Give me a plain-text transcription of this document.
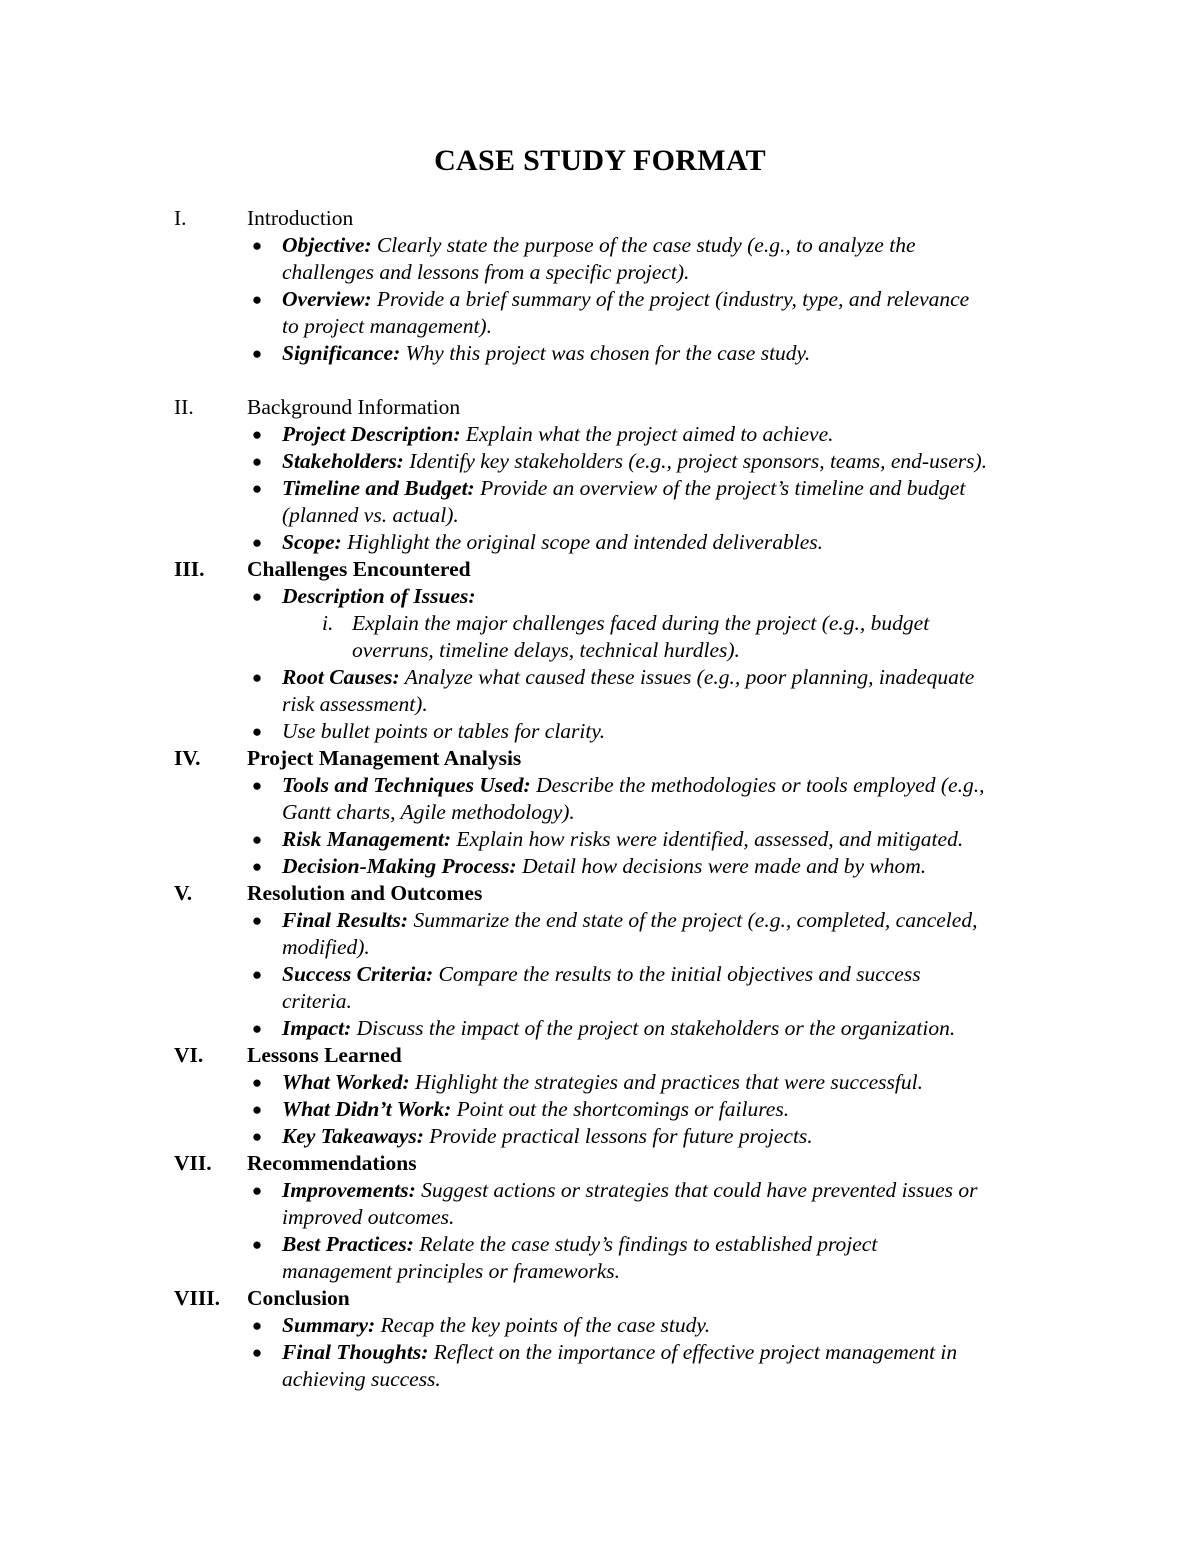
CASE STUDY FORMAT
I.	Introduction
● Objective: Clearly state the purpose of the case study (e.g., to analyze the
challenges and lessons from a specific project).
● Overview: Provide a brief summary of the project (industry, type, and relevance
to project management).
● Significance: Why this project was chosen for the case study.
II. Background Information
● Project Description: Explain what the project aimed to achieve.
● Stakeholders: Identify key stakeholders (e.g., project sponsors, teams, end-users).
● Timeline and Budget: Provide an overview of the project’s timeline and budget
(planned vs. actual).
● Scope: Highlight the original scope and intended deliverables.
III. Challenges Encountered
● Description of Issues:
i. Explain the major challenges faced during the project (e.g., budget
overruns, timeline delays, technical hurdles).
● Root Causes: Analyze what caused these issues (e.g., poor planning, inadequate
risk assessment).
● Use bullet points or tables for clarity.
IV. Project Management Analysis
● Tools and Techniques Used: Describe the methodologies or tools employed (e.g.,
Gantt charts, Agile methodology).
● Risk Management: Explain how risks were identified, assessed, and mitigated.
● Decision-Making Process: Detail how decisions were made and by whom.
V.	Resolution and Outcomes
● Final Results: Summarize the end state of the project (e.g., completed, canceled,
modified).
● Success Criteria: Compare the results to the initial objectives and success
criteria.
● Impact: Discuss the impact of the project on stakeholders or the organization.
VI. Lessons Learned
● What Worked: Highlight the strategies and practices that were successful.
● What Didn’t Work: Point out the shortcomings or failures.
● Key Takeaways: Provide practical lessons for future projects.
VII. Recommendations
● Improvements: Suggest actions or strategies that could have prevented issues or
improved outcomes.
● Best Practices: Relate the case study’s findings to established project
management principles or frameworks.
VIII. Conclusion
● Summary: Recap the key points of the case study.
● Final Thoughts: Reflect on the importance of effective project management in
achieving success.
